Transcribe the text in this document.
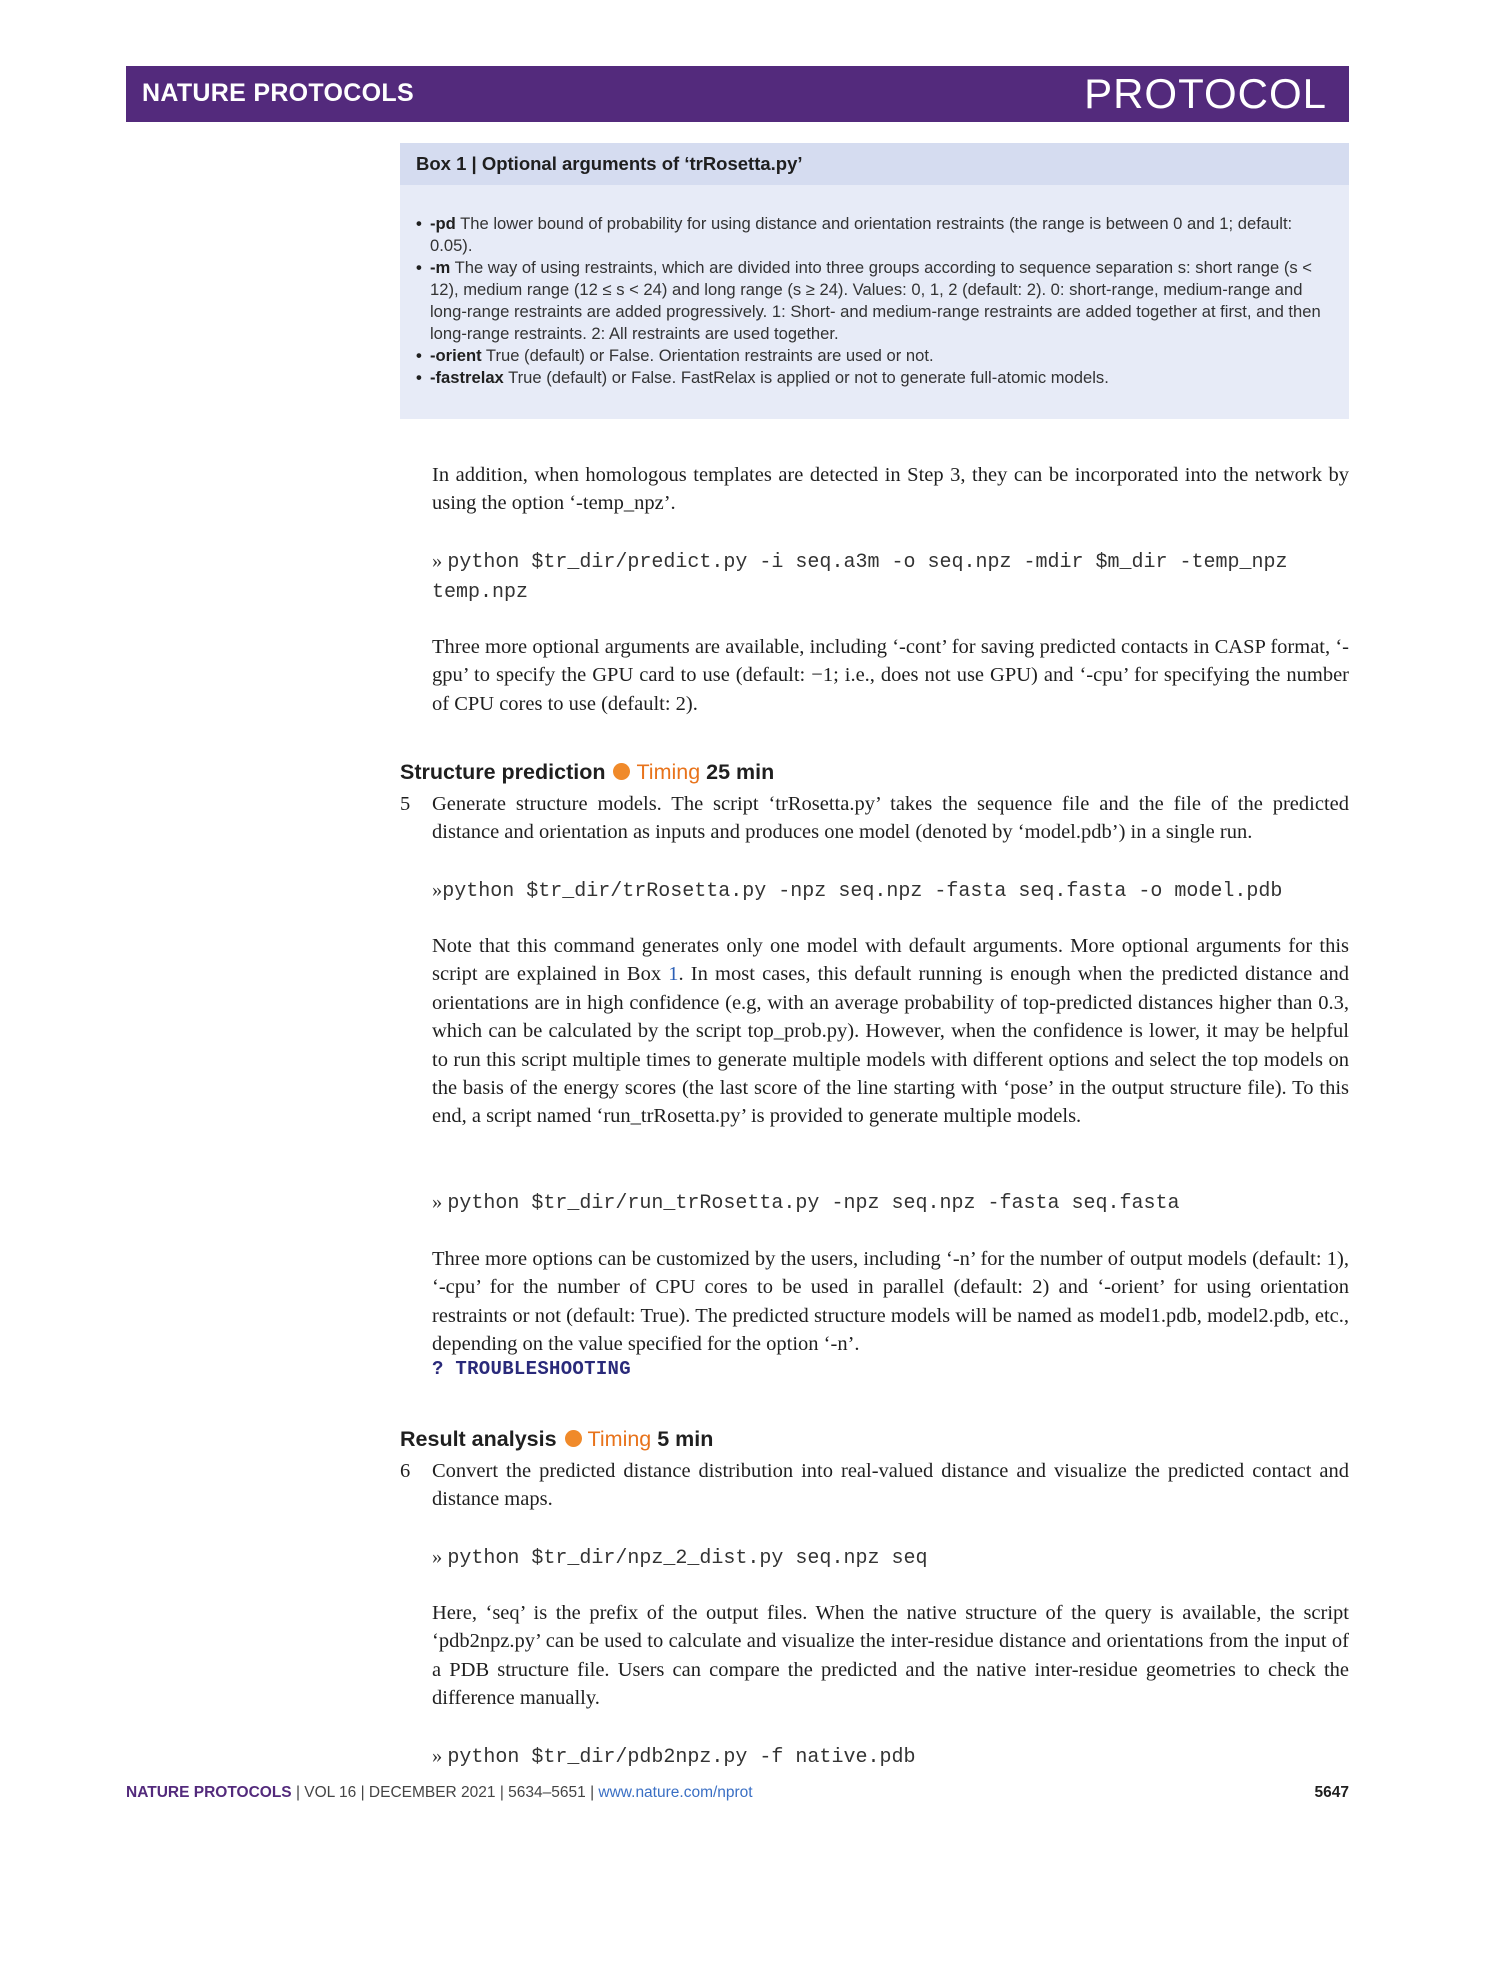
NATURE PROTOCOLS	PROTOCOL
Box 1 | Optional arguments of ‘trRosetta.py’
• -pd The lower bound of probability for using distance and orientation restraints (the range is between 0 and 1; default: 0.05).
• -m The way of using restraints, which are divided into three groups according to sequence separation s: short range (s < 12), medium range (12 ≤ s < 24) and long range (s ≥ 24). Values: 0, 1, 2 (default: 2). 0: short-range, medium-range and long-range restraints are added progressively. 1: Short- and medium-range restraints are added together at first, and then long-range restraints. 2: All restraints are used together.
• -orient True (default) or False. Orientation restraints are used or not.
• -fastrelax True (default) or False. FastRelax is applied or not to generate full-atomic models.

In addition, when homologous templates are detected in Step 3, they can be incorporated into the network by using the option ‘-temp_npz’.

» python $tr_dir/predict.py -i seq.a3m -o seq.npz -mdir $m_dir -temp_npz temp.npz

Three more optional arguments are available, including ‘-cont’ for saving predicted contacts in CASP format, ‘-gpu’ to specify the GPU card to use (default: −1; i.e., does not use GPU) and ‘-cpu’ for specifying the number of CPU cores to use (default: 2).

Structure prediction Timing 25 min
5 Generate structure models. The script ‘trRosetta.py’ takes the sequence file and the file of the predicted distance and orientation as inputs and produces one model (denoted by ‘model.pdb’) in a single run.

»python $tr_dir/trRosetta.py -npz seq.npz -fasta seq.fasta -o model.pdb

Note that this command generates only one model with default arguments. More optional arguments for this script are explained in Box 1. In most cases, this default running is enough when the predicted distance and orientations are in high confidence (e.g, with an average probability of top-predicted distances higher than 0.3, which can be calculated by the script top_prob.py). However, when the confidence is lower, it may be helpful to run this script multiple times to generate multiple models with different options and select the top models on the basis of the energy scores (the last score of the line starting with ‘pose’ in the output structure file). To this end, a script named ‘run_trRosetta.py’ is provided to generate multiple models.

» python $tr_dir/run_trRosetta.py -npz seq.npz -fasta seq.fasta

Three more options can be customized by the users, including ‘-n’ for the number of output models (default: 1), ‘-cpu’ for the number of CPU cores to be used in parallel (default: 2) and ‘-orient’ for using orientation restraints or not (default: True). The predicted structure models will be named as model1.pdb, model2.pdb, etc., depending on the value specified for the option ‘-n’.

? TROUBLESHOOTING
Result analysis Timing 5 min
6 Convert the predicted distance distribution into real-valued distance and visualize the predicted contact and distance maps.

» python $tr_dir/npz_2_dist.py seq.npz seq

Here, ‘seq’ is the prefix of the output files. When the native structure of the query is available, the script ‘pdb2npz.py’ can be used to calculate and visualize the inter-residue distance and orientations from the input of a PDB structure file. Users can compare the predicted and the native inter-residue geometries to check the difference manually.

» python $tr_dir/pdb2npz.py -f native.pdb

NATURE PROTOCOLS | VOL 16 | DECEMBER 2021 | 5634–5651 | www.nature.com/nprot	5647
